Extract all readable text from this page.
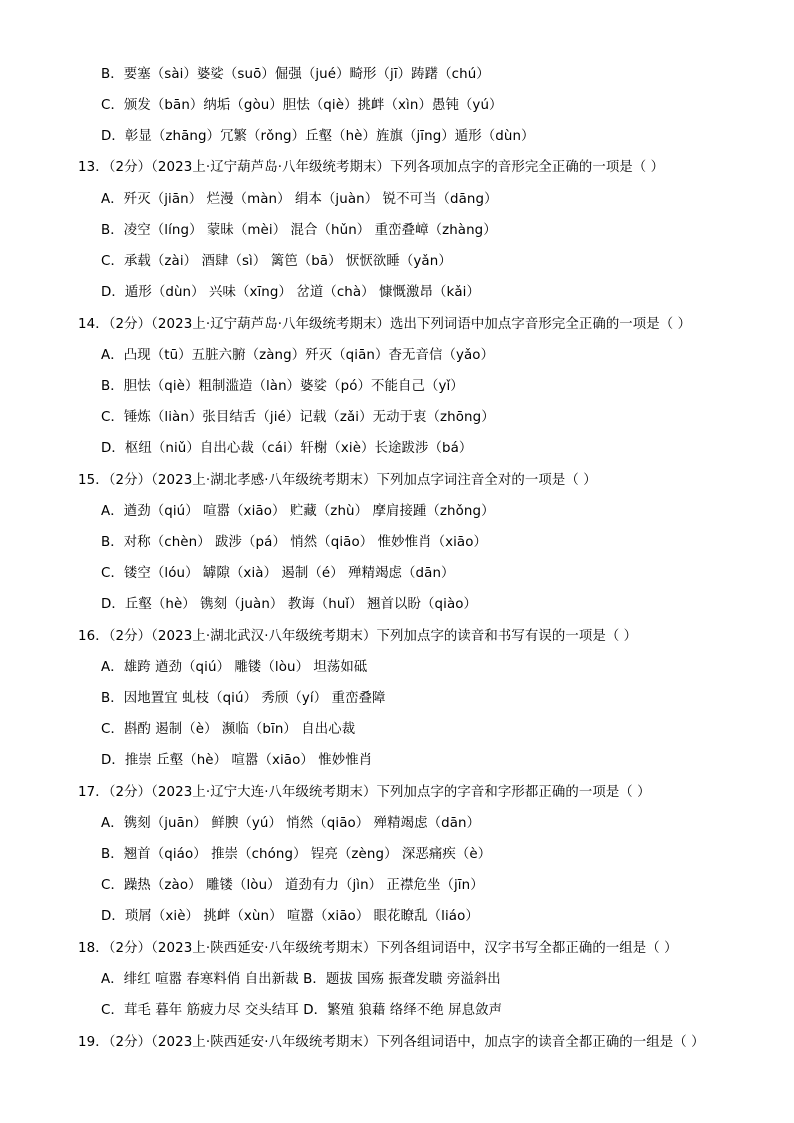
B．要塞（sài）婆娑（suō）倔强（jué）畸形（jī）踌躇（chú）
C．颁发（bān）纳垢（gòu）胆怯（qiè）挑衅（xìn）愚钝（yú）
D．彰显（zhāng）冗繁（rǒng）丘壑（hè）旌旗（jīng）遁形（dùn）
13．（2分）（2023上·辽宁葫芦岛·八年级统考期末）下列各项加点字的音形完全正确的一项是（ ）
A．歼灭（jiān） 烂漫（màn） 绢本（juàn） 锐不可当（dāng）
B．凌空（líng） 蒙昧（mèi） 混合（hǔn） 重峦叠嶂（zhàng）
C．承载（zài） 酒肆（sì） 篱笆（bā） 恹恹欲睡（yǎn）
D．遁形（dùn） 兴味（xīng） 岔道（chà） 慷慨激昂（kǎi）
14．（2分）（2023上·辽宁葫芦岛·八年级统考期末）选出下列词语中加点字音形完全正确的一项是（ ）
A．凸现（tū）五脏六腑（zàng）歼灭（qiān）杳无音信（yǎo）
B．胆怯（qiè）粗制滥造（làn）婆娑（pó）不能自己（yǐ）
C．锤炼（liàn）张目结舌（jié）记载（zǎi）无动于衷（zhōng）
D．枢纽（niǔ）自出心裁（cái）轩榭（xiè）长途跋涉（bá）
15．（2分）（2023上·湖北孝感·八年级统考期末）下列加点字词注音全对的一项是（ ）
A．遒劲（qiú） 喧嚣（xiāo） 贮藏（zhù） 摩肩接踵（zhǒng）
B．对称（chèn） 跋涉（pá） 悄然（qiāo） 惟妙惟肖（xiāo）
C．镂空（lóu） 罅隙（xià） 遏制（é） 殚精竭虑（dān）
D．丘壑（hè） 镌刻（juàn） 教诲（huǐ） 翘首以盼（qiào）
16．（2分）（2023上·湖北武汉·八年级统考期末）下列加点字的读音和书写有误的一项是（ ）
A．雄跨 遒劲（qiú） 雕镂（lòu） 坦荡如砥
B．因地置宜 虬枝（qiú） 秀颀（yí） 重峦叠障
C．斟酌 遏制（è） 濒临（bīn） 自出心裁
D．推崇 丘壑（hè） 喧嚣（xiāo） 惟妙惟肖
17．（2分）（2023上·辽宁大连·八年级统考期末）下列加点字的字音和字形都正确的一项是（ ）
A．镌刻（juān） 鲜腴（yú） 悄然（qiāo） 殚精竭虑（dān）
B．翘首（qiáo） 推崇（chóng） 锃亮（zèng） 深恶痛疾（è）
C．躁热（zào） 雕镂（lòu） 道劲有力（jìn） 正襟危坐（jīn）
D．琐屑（xiè） 挑衅（xùn） 喧嚣（xiāo） 眼花瞭乱（liáo）
18．（2分）（2023上·陕西延安·八年级统考期末）下列各组词语中，汉字书写全都正确的一组是（ ）
A．绯红 喧嚣 春寒料俏 自出新裁 B．题拔 国殇 振聋发聩 旁溢斜出
C．茸毛 暮年 筋疲力尽 交头结耳 D．繁殖 狼藉 络绎不绝 屏息敛声
19．（2分）（2023上·陕西延安·八年级统考期末）下列各组词语中，加点字的读音全都正确的一组是（ ）
